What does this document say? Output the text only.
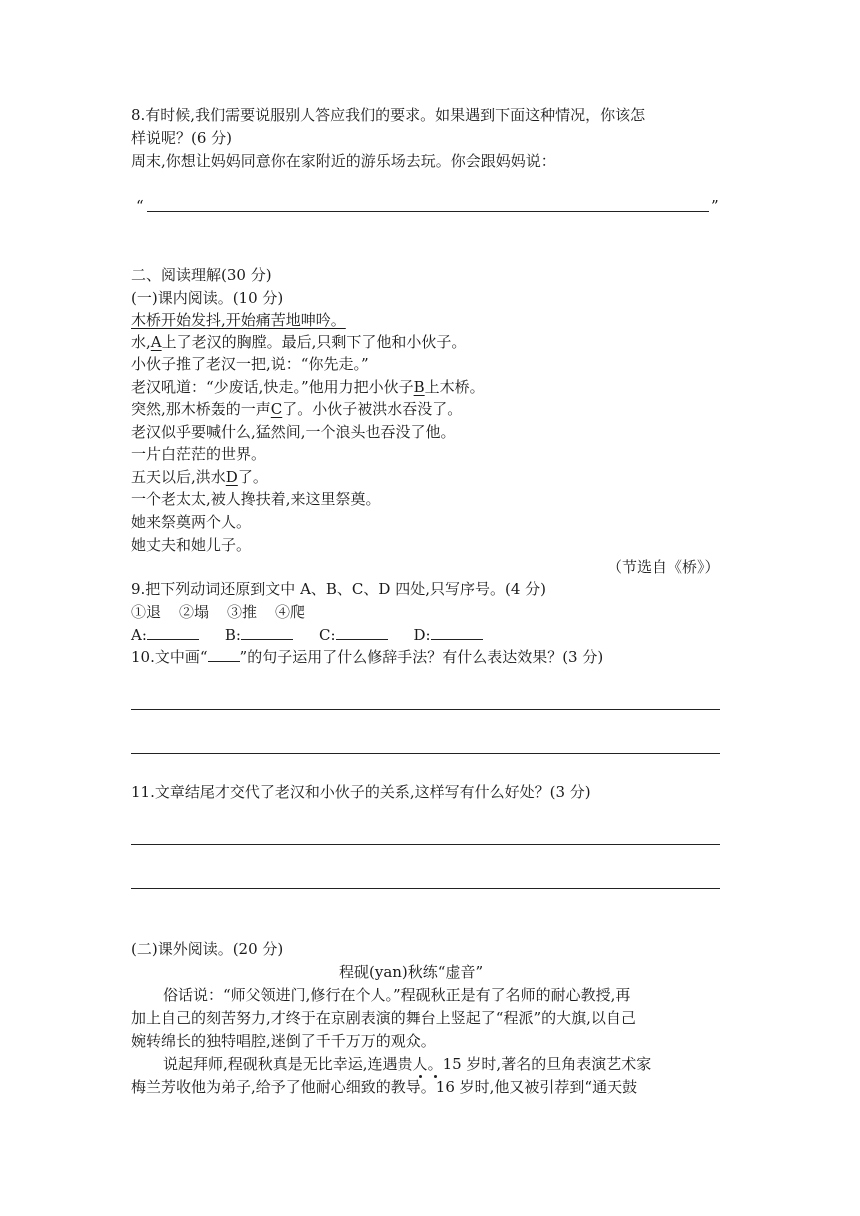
8.有时候,我们需要说服别人答应我们的要求。如果遇到下面这种情况，你该怎
样说呢？(6 分)
周末,你想让妈妈同意你在家附近的游乐场去玩。你会跟妈妈说：
“	”
二、阅读理解(30 分)
(一)课内阅读。(10 分)
木桥开始发抖,开始痛苦地呻吟。
水,A上了老汉的胸膛。最后,只剩下了他和小伙子。
小伙子推了老汉一把,说：“你先走。”
老汉吼道：“少废话,快走。”他用力把小伙子B上木桥。
突然,那木桥轰的一声C了。小伙子被洪水吞没了。
老汉似乎要喊什么,猛然间,一个浪头也吞没了他。
一片白茫茫的世界。
五天以后,洪水D了。
一个老太太,被人搀扶着,来这里祭奠。
她来祭奠两个人。
她丈夫和她儿子。
（节选自《桥》）
9.把下列动词还原到文中 A、B、C、D 四处,只写序号。(4 分)
①退 ②塌 ③推 ④爬
A:	B:	C:	D:
10.文中画“ ”的句子运用了什么修辞手法？有什么表达效果？(3 分)
11.文章结尾才交代了老汉和小伙子的关系,这样写有什么好处？(3 分)
(二)课外阅读。(20 分)
程砚(yan)秋练“虚音”
俗话说：“师父领进门,修行在个人。”程砚秋正是有了名师的耐心教授,再
加上自己的刻苦努力,才终于在京剧表演的舞台上竖起了“程派”的大旗,以自己
婉转绵长的独特唱腔,迷倒了千千万万的观众。
说起拜师,程砚秋真是无比幸运,连遇贵人。15 岁时,著名的旦角表演艺术家
梅兰芳收他为弟子,给予了他耐心细致的教导。16 岁时,他又被引荐到“通天鼓
